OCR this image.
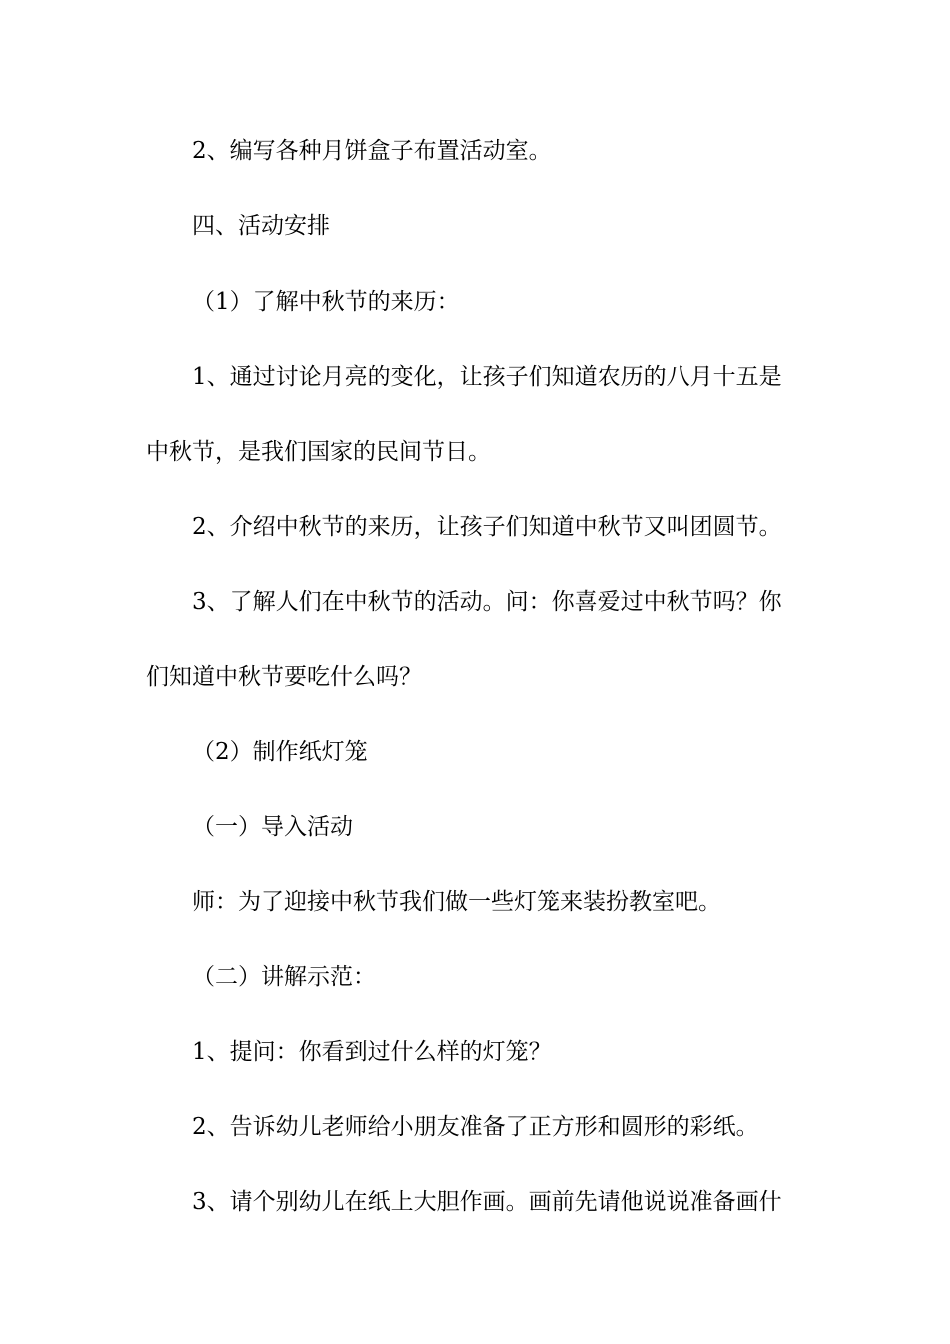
2、编写各种月饼盒子布置活动室。
四、活动安排
（1）了解中秋节的来历：
1、通过讨论月亮的变化，让孩子们知道农历的八月十五是
中秋节，是我们国家的民间节日。
2、介绍中秋节的来历，让孩子们知道中秋节又叫团圆节。
3、了解人们在中秋节的活动。问：你喜爱过中秋节吗？你
们知道中秋节要吃什么吗？
（2）制作纸灯笼
（一）导入活动
师：为了迎接中秋节我们做一些灯笼来装扮教室吧。
（二）讲解示范：
1、提问：你看到过什么样的灯笼？
2、告诉幼儿老师给小朋友准备了正方形和圆形的彩纸。
3、请个别幼儿在纸上大胆作画。画前先请他说说准备画什
